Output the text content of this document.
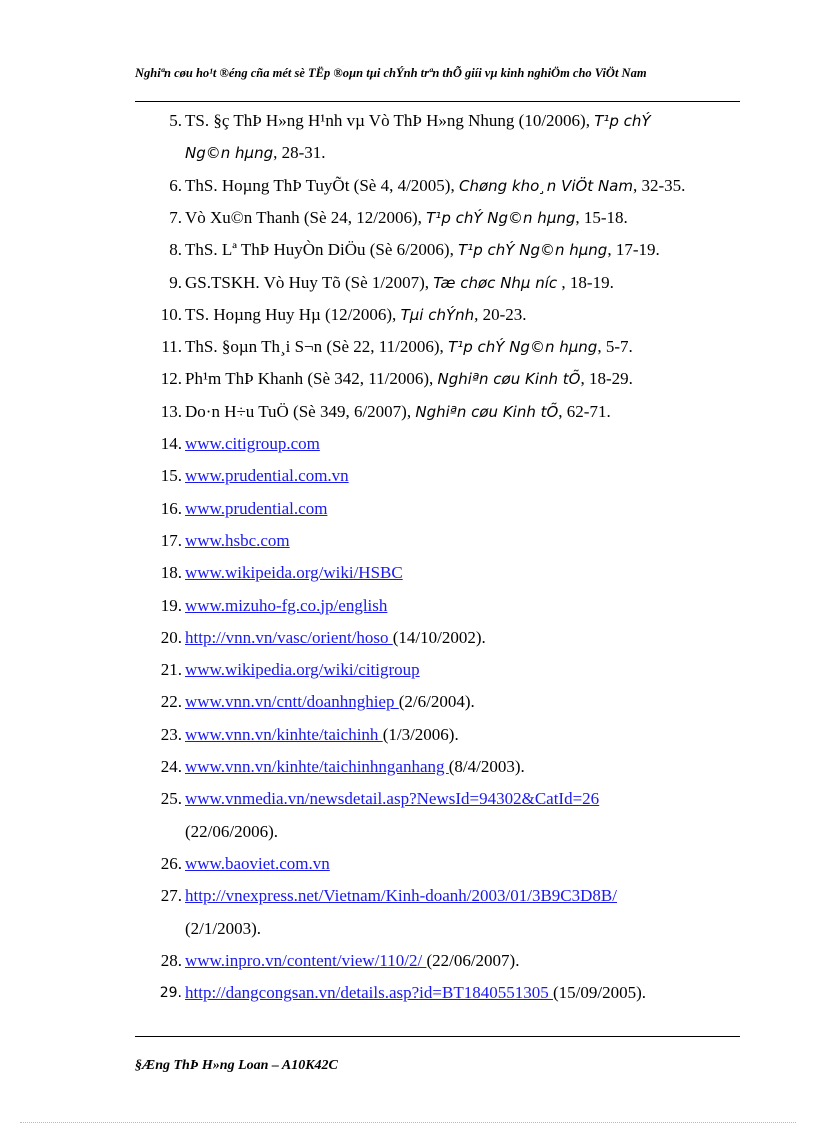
Nghiªn cøu ho¹t ®éng cña mét sè TËp ®oµn tµi chÝnh trªn thÕ giíi vµ kinh nghiÖm cho ViÖt Nam
5. TS. §ç ThÞ H»ng H¹nh vµ Vò ThÞ H»ng Nhung (10/2006), T¹p chÝ
Ng©n hµng, 28-31.
6. ThS. Hoµng ThÞ TuyÕt (Sè 4, 4/2005), Chøng kho¸n ViÖt Nam, 32-35.
7. Vò Xu©n Thanh (Sè 24, 12/2006), T¹p chÝ Ng©n hµng, 15-18.
8. ThS. Lª ThÞ HuyÒn DiÖu (Sè 6/2006), T¹p chÝ Ng©n hµng, 17-19.
9. GS.TSKH. Vò Huy Tõ (Sè 1/2007), Tæ chøc Nhµ níc , 18-19.
10. TS. Hoµng Huy Hµ (12/2006), Tµi chÝnh, 20-23.
11. ThS. §oµn Th¸i S¬n (Sè 22, 11/2006), T¹p chÝ Ng©n hµng, 5-7.
12. Ph¹m ThÞ Khanh (Sè 342, 11/2006), Nghiªn cøu Kinh tÕ, 18-29.
13. Do·n H÷u TuÖ (Sè 349, 6/2007), Nghiªn cøu Kinh tÕ, 62-71.
14. www.citigroup.com
15. www.prudential.com.vn
16. www.prudential.com
17. www.hsbc.com
18. www.wikipeida.org/wiki/HSBC
19. www.mizuho-fg.co.jp/english
20. http://vnn.vn/vasc/orient/hoso (14/10/2002).
21. www.wikipedia.org/wiki/citigroup
22. www.vnn.vn/cntt/doanhnghiep (2/6/2004).
23. www.vnn.vn/kinhte/taichinh (1/3/2006).
24. www.vnn.vn/kinhte/taichinhnganhang (8/4/2003).
25. www.vnmedia.vn/newsdetail.asp?NewsId=94302&CatId=26
(22/06/2006).
26. www.baoviet.com.vn
27. http://vnexpress.net/Vietnam/Kinh-doanh/2003/01/3B9C3D8B/
(2/1/2003).
28. www.inpro.vn/content/view/110/2/ (22/06/2007).
29. http://dangcongsan.vn/details.asp?id=BT1840551305 (15/09/2005).
§Æng ThÞ H»ng Loan – A10K42C
